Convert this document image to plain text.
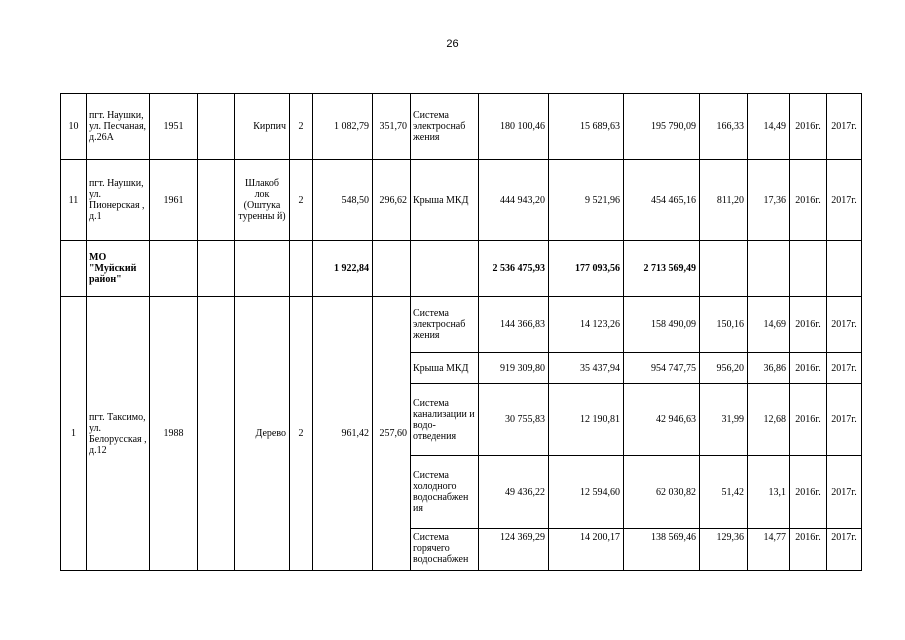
26
10	пгт. Наушки, ул. Песчаная, д.26А	1951		Кирпич	2	1 082,79	351,70	Система электроснаб жения	180 100,46	15 689,63	195 790,09	166,33	14,49	2016г.	2017г.
11	пгт. Наушки, ул. Пионерская , д.1	1961		Шлакоб лок (Оштука туренны й)	2	548,50	296,62	Крыша МКД	444 943,20	9 521,96	454 465,16	811,20	17,36	2016г.	2017г.
	МО "Муйский район"					1 922,84			2 536 475,93	177 093,56	2 713 569,49				
1	пгт. Таксимо, ул. Белорусская , д.12	1988		Дерево	2	961,42	257,60	Система электроснаб жения	144 366,83	14 123,26	158 490,09	150,16	14,69	2016г.	2017г.
								Крыша МКД	919 309,80	35 437,94	954 747,75	956,20	36,86	2016г.	2017г.
								Система канализации и водо- отведения	30 755,83	12 190,81	42 946,63	31,99	12,68	2016г.	2017г.
								Система холодного водоснабжен ия	49 436,22	12 594,60	62 030,82	51,42	13,1	2016г.	2017г.
								Система горячего водоснабжен	124 369,29	14 200,17	138 569,46	129,36	14,77	2016г.	2017г.
